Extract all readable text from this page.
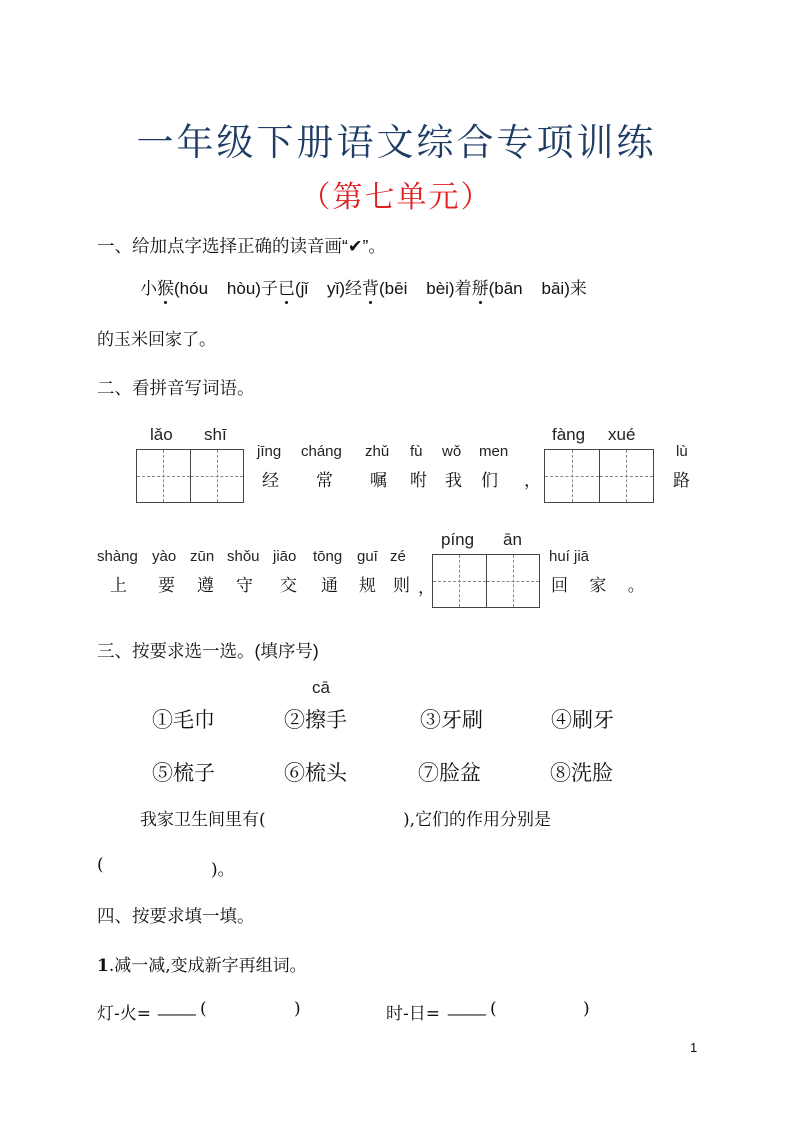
一年级下册语文综合专项训练
（第七单元）
一、给加点字选择正确的读音画“✔”。
小猴(hóu    hòu)子已(jǐ    yǐ)经背(bēi    bèi)着掰(bān    bāi)来
的玉米回家了。
二、看拼音写词语。
lǎo shī
jīng cháng zhǔ fù wǒ men
经 常 嘱 咐 我 们 ，
fàng xué
lù
路
shàng yào zūn shǒu jiāo tōng guī zé
上 要 遵 守 交 通 规 则 ，
píng ān
huí jiā
回 家 。
三、按要求选一选。(填序号)
cā
①毛巾	②擦手	③牙刷	④刷牙
⑤梳子	⑥梳头	⑦脸盆	⑧洗脸
我家卫生间里有(	),它们的作用分别是
(	)。
四、按要求填一填。
1.减一减,变成新字再组词。
灯-火= ____ (	)	时-日= ____ (	)
1
